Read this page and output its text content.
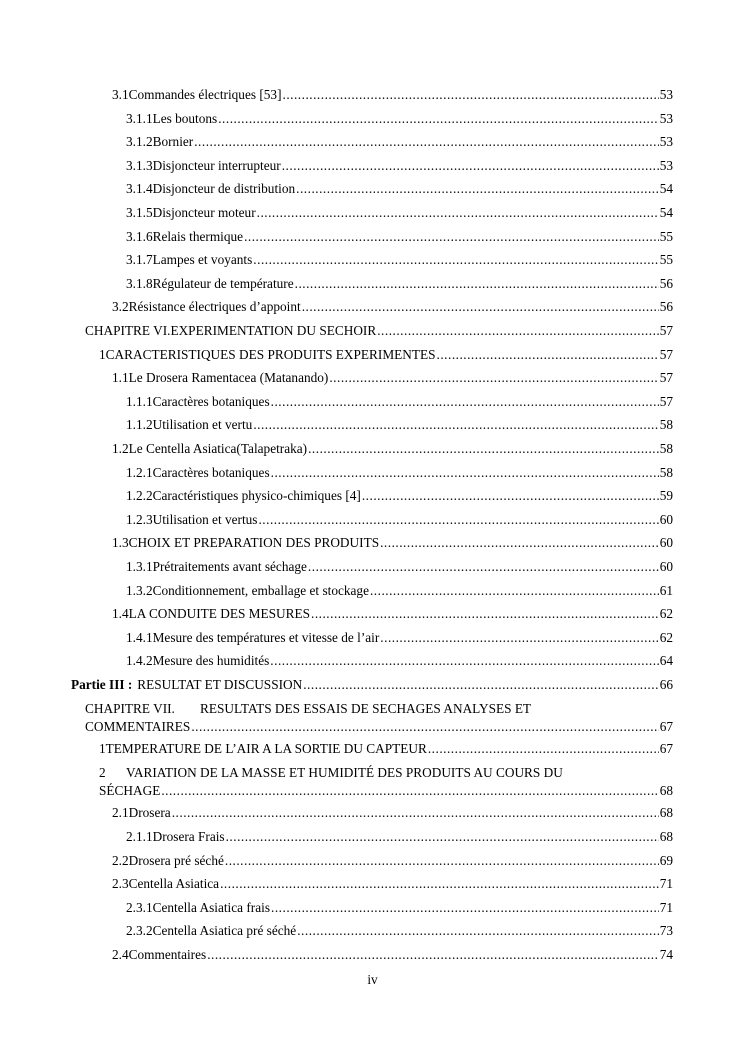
3.1 Commandes électriques [53] .....	53
3.1.1 Les boutons .....	53
3.1.2 Bornier .....	53
3.1.3 Disjoncteur interrupteur .....	53
3.1.4 Disjoncteur de distribution .....	54
3.1.5 Disjoncteur moteur .....	54
3.1.6 Relais thermique .....	55
3.1.7 Lampes et voyants .....	55
3.1.8 Régulateur de température .....	56
3.2 Résistance électriques d’appoint .....	56
CHAPITRE VI. EXPERIMENTATION DU SECHOIR .....	57
1 CARACTERISTIQUES DES PRODUITS EXPERIMENTES .....	57
1.1 Le Drosera Ramentacea (Matanando) .....	57
1.1.1 Caractères botaniques .....	57
1.1.2 Utilisation et vertu .....	58
1.2 Le Centella Asiatica(Talapetraka) .....	58
1.2.1 Caractères botaniques .....	58
1.2.2 Caractéristiques physico-chimiques [4] .....	59
1.2.3 Utilisation et vertus .....	60
1.3 CHOIX ET PREPARATION DES PRODUITS .....	60
1.3.1 Prétraitements avant séchage .....	60
1.3.2 Conditionnement, emballage et stockage .....	61
1.4 LA CONDUITE DES MESURES .....	62
1.4.1 Mesure des températures et vitesse de l’air .....	62
1.4.2 Mesure des humidités .....	64
Partie III : RESULTAT ET DISCUSSION .....	66
CHAPITRE VII.	RESULTATS DES ESSAIS DE SECHAGES ANALYSES ET
COMMENTAIRES .....	67
1 TEMPERATURE DE L’AIR A LA SORTIE DU CAPTEUR .....	67
2	VARIATION DE LA MASSE ET HUMIDITÉ DES PRODUITS AU COURS DU
SÉCHAGE .....	68
2.1 Drosera .....	68
2.1.1 Drosera Frais .....	68
2.2 Drosera pré séché .....	69
2.3 Centella Asiatica .....	71
2.3.1 Centella Asiatica frais .....	71
2.3.2 Centella Asiatica pré séché .....	73
2.4 Commentaires .....	74
iv
